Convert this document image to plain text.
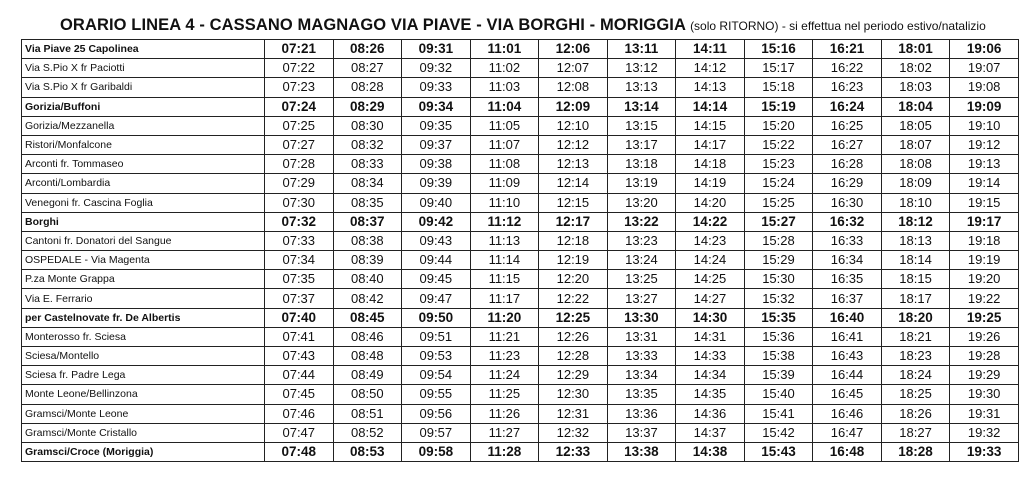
ORARIO LINEA 4 - CASSANO MAGNAGO VIA PIAVE - VIA BORGHI - MORIGGIA (solo RITORNO) - si effettua nel periodo estivo/natalizio
Via Piave 25 Capolinea	07:21	08:26	09:31	11:01	12:06	13:11	14:11	15:16	16:21	18:01	19:06
Via S.Pio X fr Paciotti	07:22	08:27	09:32	11:02	12:07	13:12	14:12	15:17	16:22	18:02	19:07
Via S.Pio X fr Garibaldi	07:23	08:28	09:33	11:03	12:08	13:13	14:13	15:18	16:23	18:03	19:08
Gorizia/Buffoni	07:24	08:29	09:34	11:04	12:09	13:14	14:14	15:19	16:24	18:04	19:09
Gorizia/Mezzanella	07:25	08:30	09:35	11:05	12:10	13:15	14:15	15:20	16:25	18:05	19:10
Ristori/Monfalcone	07:27	08:32	09:37	11:07	12:12	13:17	14:17	15:22	16:27	18:07	19:12
Arconti fr. Tommaseo	07:28	08:33	09:38	11:08	12:13	13:18	14:18	15:23	16:28	18:08	19:13
Arconti/Lombardia	07:29	08:34	09:39	11:09	12:14	13:19	14:19	15:24	16:29	18:09	19:14
Venegoni fr. Cascina Foglia	07:30	08:35	09:40	11:10	12:15	13:20	14:20	15:25	16:30	18:10	19:15
Borghi	07:32	08:37	09:42	11:12	12:17	13:22	14:22	15:27	16:32	18:12	19:17
Cantoni fr. Donatori del Sangue	07:33	08:38	09:43	11:13	12:18	13:23	14:23	15:28	16:33	18:13	19:18
OSPEDALE - Via Magenta	07:34	08:39	09:44	11:14	12:19	13:24	14:24	15:29	16:34	18:14	19:19
P.za Monte Grappa	07:35	08:40	09:45	11:15	12:20	13:25	14:25	15:30	16:35	18:15	19:20
Via E. Ferrario	07:37	08:42	09:47	11:17	12:22	13:27	14:27	15:32	16:37	18:17	19:22
per Castelnovate fr. De Albertis	07:40	08:45	09:50	11:20	12:25	13:30	14:30	15:35	16:40	18:20	19:25
Monterosso fr. Sciesa	07:41	08:46	09:51	11:21	12:26	13:31	14:31	15:36	16:41	18:21	19:26
Sciesa/Montello	07:43	08:48	09:53	11:23	12:28	13:33	14:33	15:38	16:43	18:23	19:28
Sciesa fr. Padre Lega	07:44	08:49	09:54	11:24	12:29	13:34	14:34	15:39	16:44	18:24	19:29
Monte Leone/Bellinzona	07:45	08:50	09:55	11:25	12:30	13:35	14:35	15:40	16:45	18:25	19:30
Gramsci/Monte Leone	07:46	08:51	09:56	11:26	12:31	13:36	14:36	15:41	16:46	18:26	19:31
Gramsci/Monte Cristallo	07:47	08:52	09:57	11:27	12:32	13:37	14:37	15:42	16:47	18:27	19:32
Gramsci/Croce (Moriggia)	07:48	08:53	09:58	11:28	12:33	13:38	14:38	15:43	16:48	18:28	19:33
